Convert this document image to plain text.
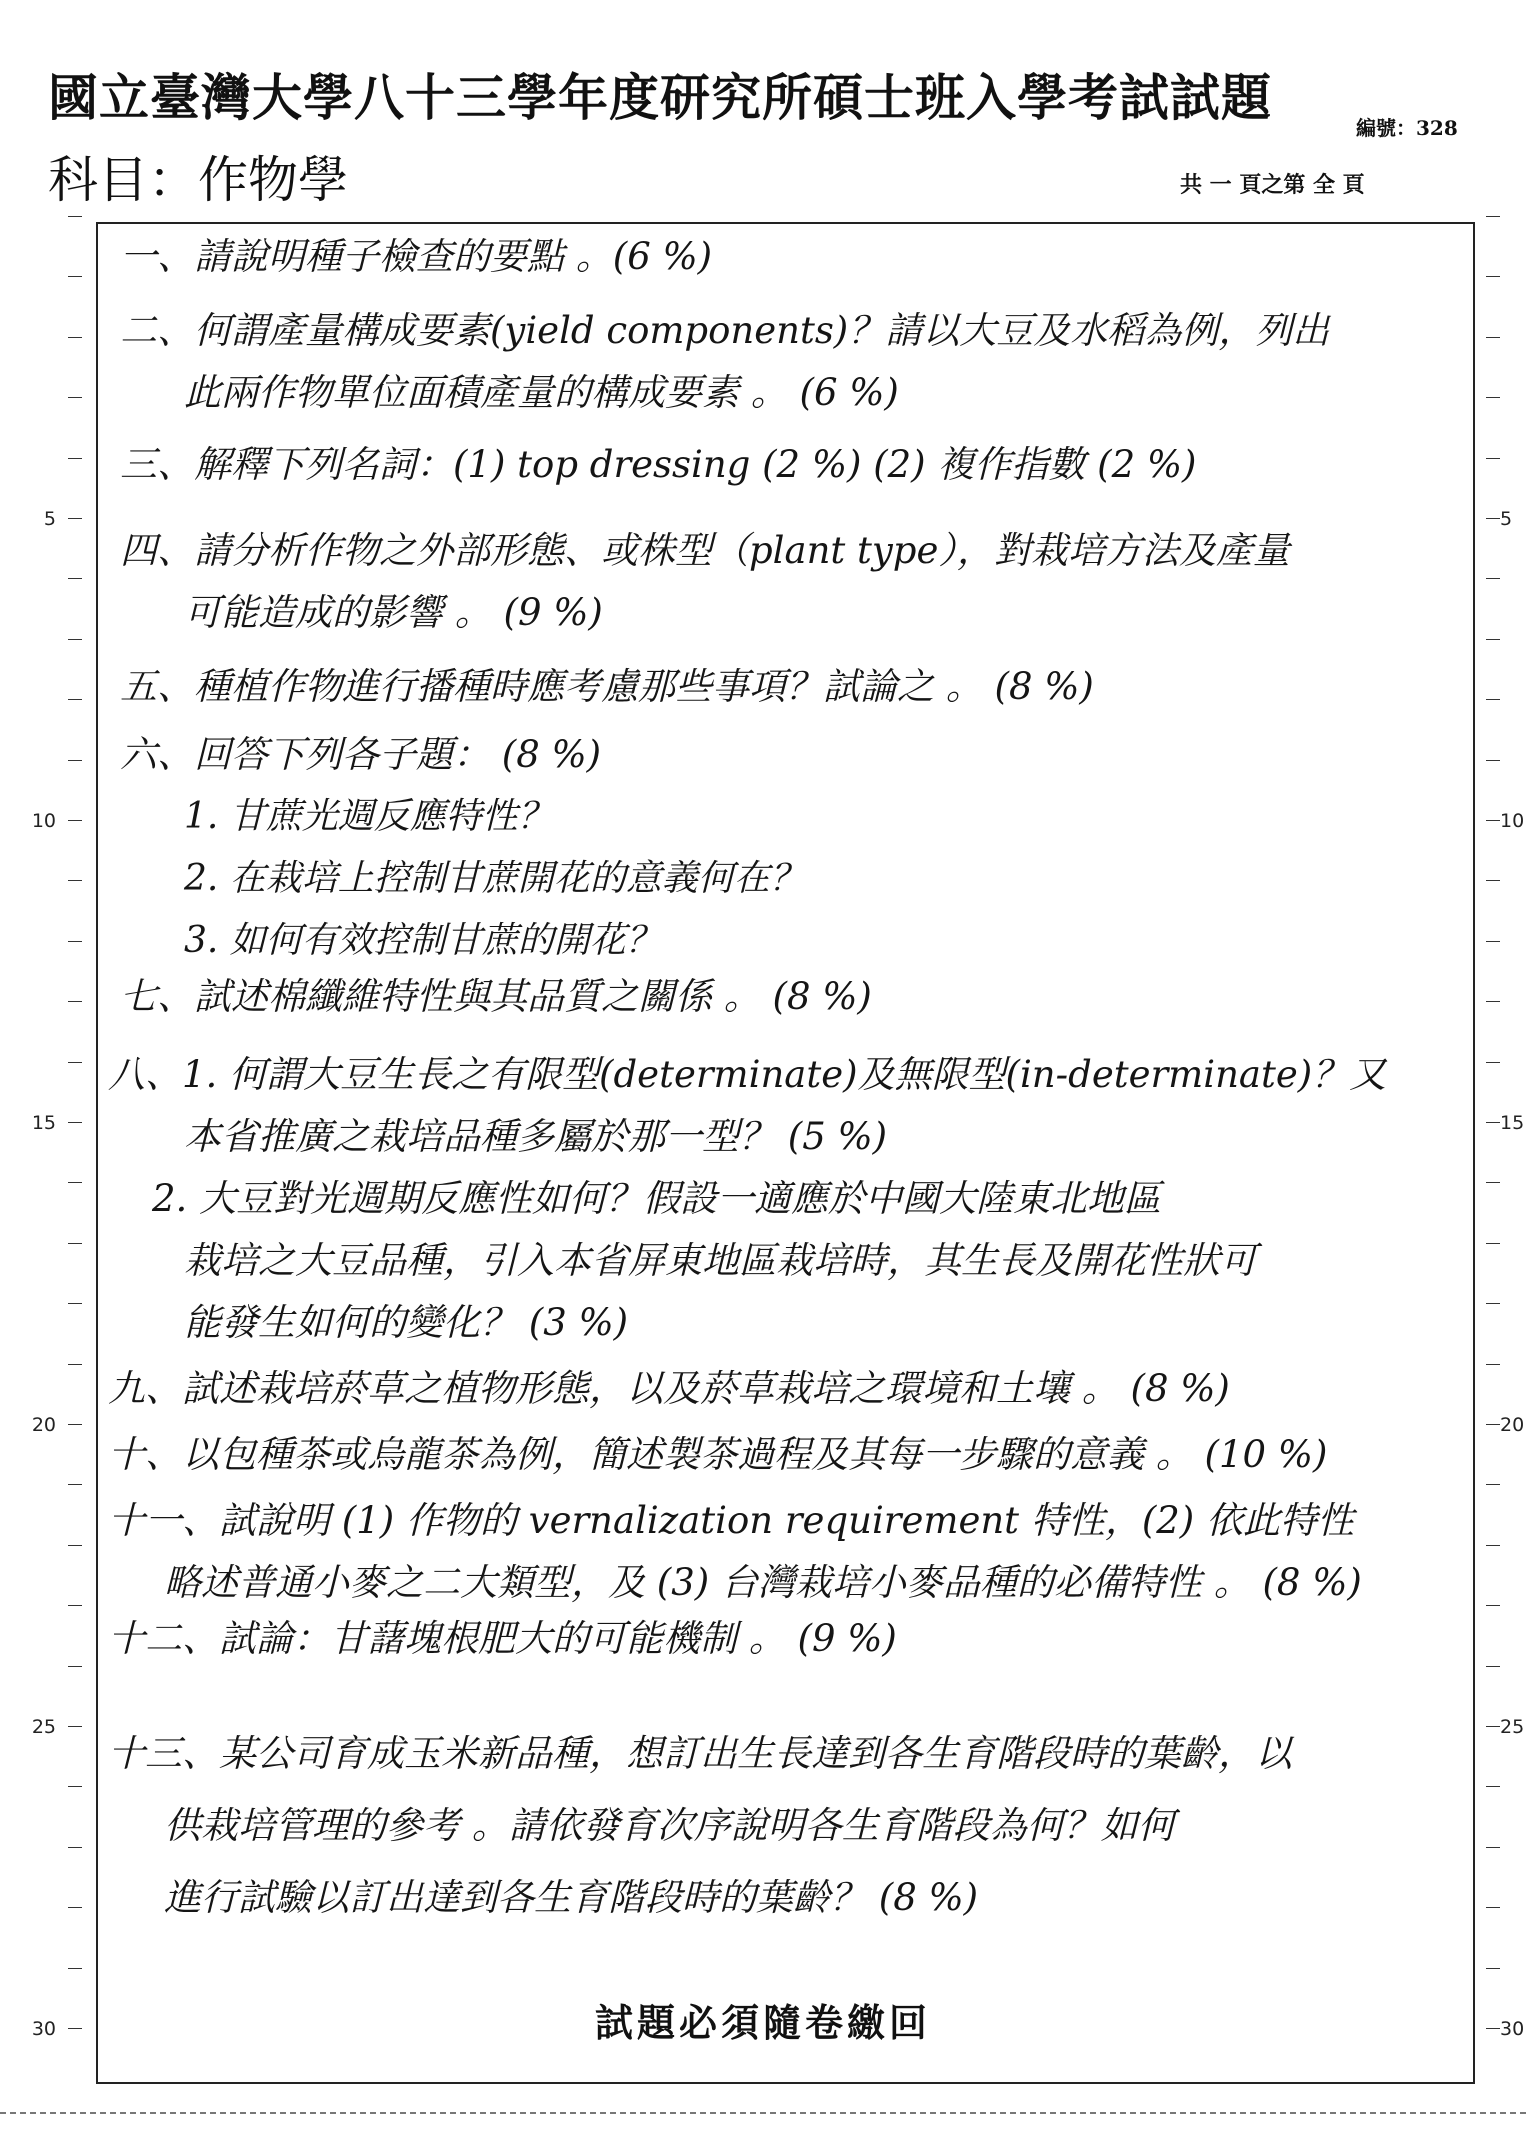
國立臺灣大學八十三學年度研究所碩士班入學考試試題
編號：328
科目：作物學	共 一 頁之第 全 頁
5	5
10	10
15	15
20	20
25	25
30	30
一、請說明種子檢查的要點 。(6 %)
二、何謂產量構成要素(yield components)？請以大豆及水稻為例，列出
此兩作物單位面積產量的構成要素 。 (6 %)
三、解釋下列名詞：(1) top dressing (2 %) (2) 複作指數 (2 %)
四、請分析作物之外部形態、或株型（plant type），對栽培方法及產量
可能造成的影響 。 (9 %)
五、種植作物進行播種時應考慮那些事項？試論之 。 (8 %)
六、回答下列各子題： (8 %)
1. 甘蔗光週反應特性？
2. 在栽培上控制甘蔗開花的意義何在？
3. 如何有效控制甘蔗的開花？
七、試述棉纖維特性與其品質之關係 。 (8 %)
八、1. 何謂大豆生長之有限型(determinate)及無限型(in-determinate)？又
本省推廣之栽培品種多屬於那一型？ (5 %)
2. 大豆對光週期反應性如何？假設一適應於中國大陸東北地區
栽培之大豆品種，引入本省屏東地區栽培時，其生長及開花性狀可
能發生如何的變化？ (3 %)
九、試述栽培菸草之植物形態，以及菸草栽培之環境和土壤 。 (8 %)
十、以包種茶或烏龍茶為例，簡述製茶過程及其每一步驟的意義 。 (10 %)
十一、試說明 (1) 作物的 vernalization requirement 特性，(2) 依此特性
略述普通小麥之二大類型，及 (3) 台灣栽培小麥品種的必備特性 。 (8 %)
十二、試論：甘藷塊根肥大的可能機制 。 (9 %)
十三、某公司育成玉米新品種，想訂出生長達到各生育階段時的葉齡，以
供栽培管理的參考 。請依發育次序說明各生育階段為何？如何
進行試驗以訂出達到各生育階段時的葉齡？ (8 %)
試題必須隨卷繳回
